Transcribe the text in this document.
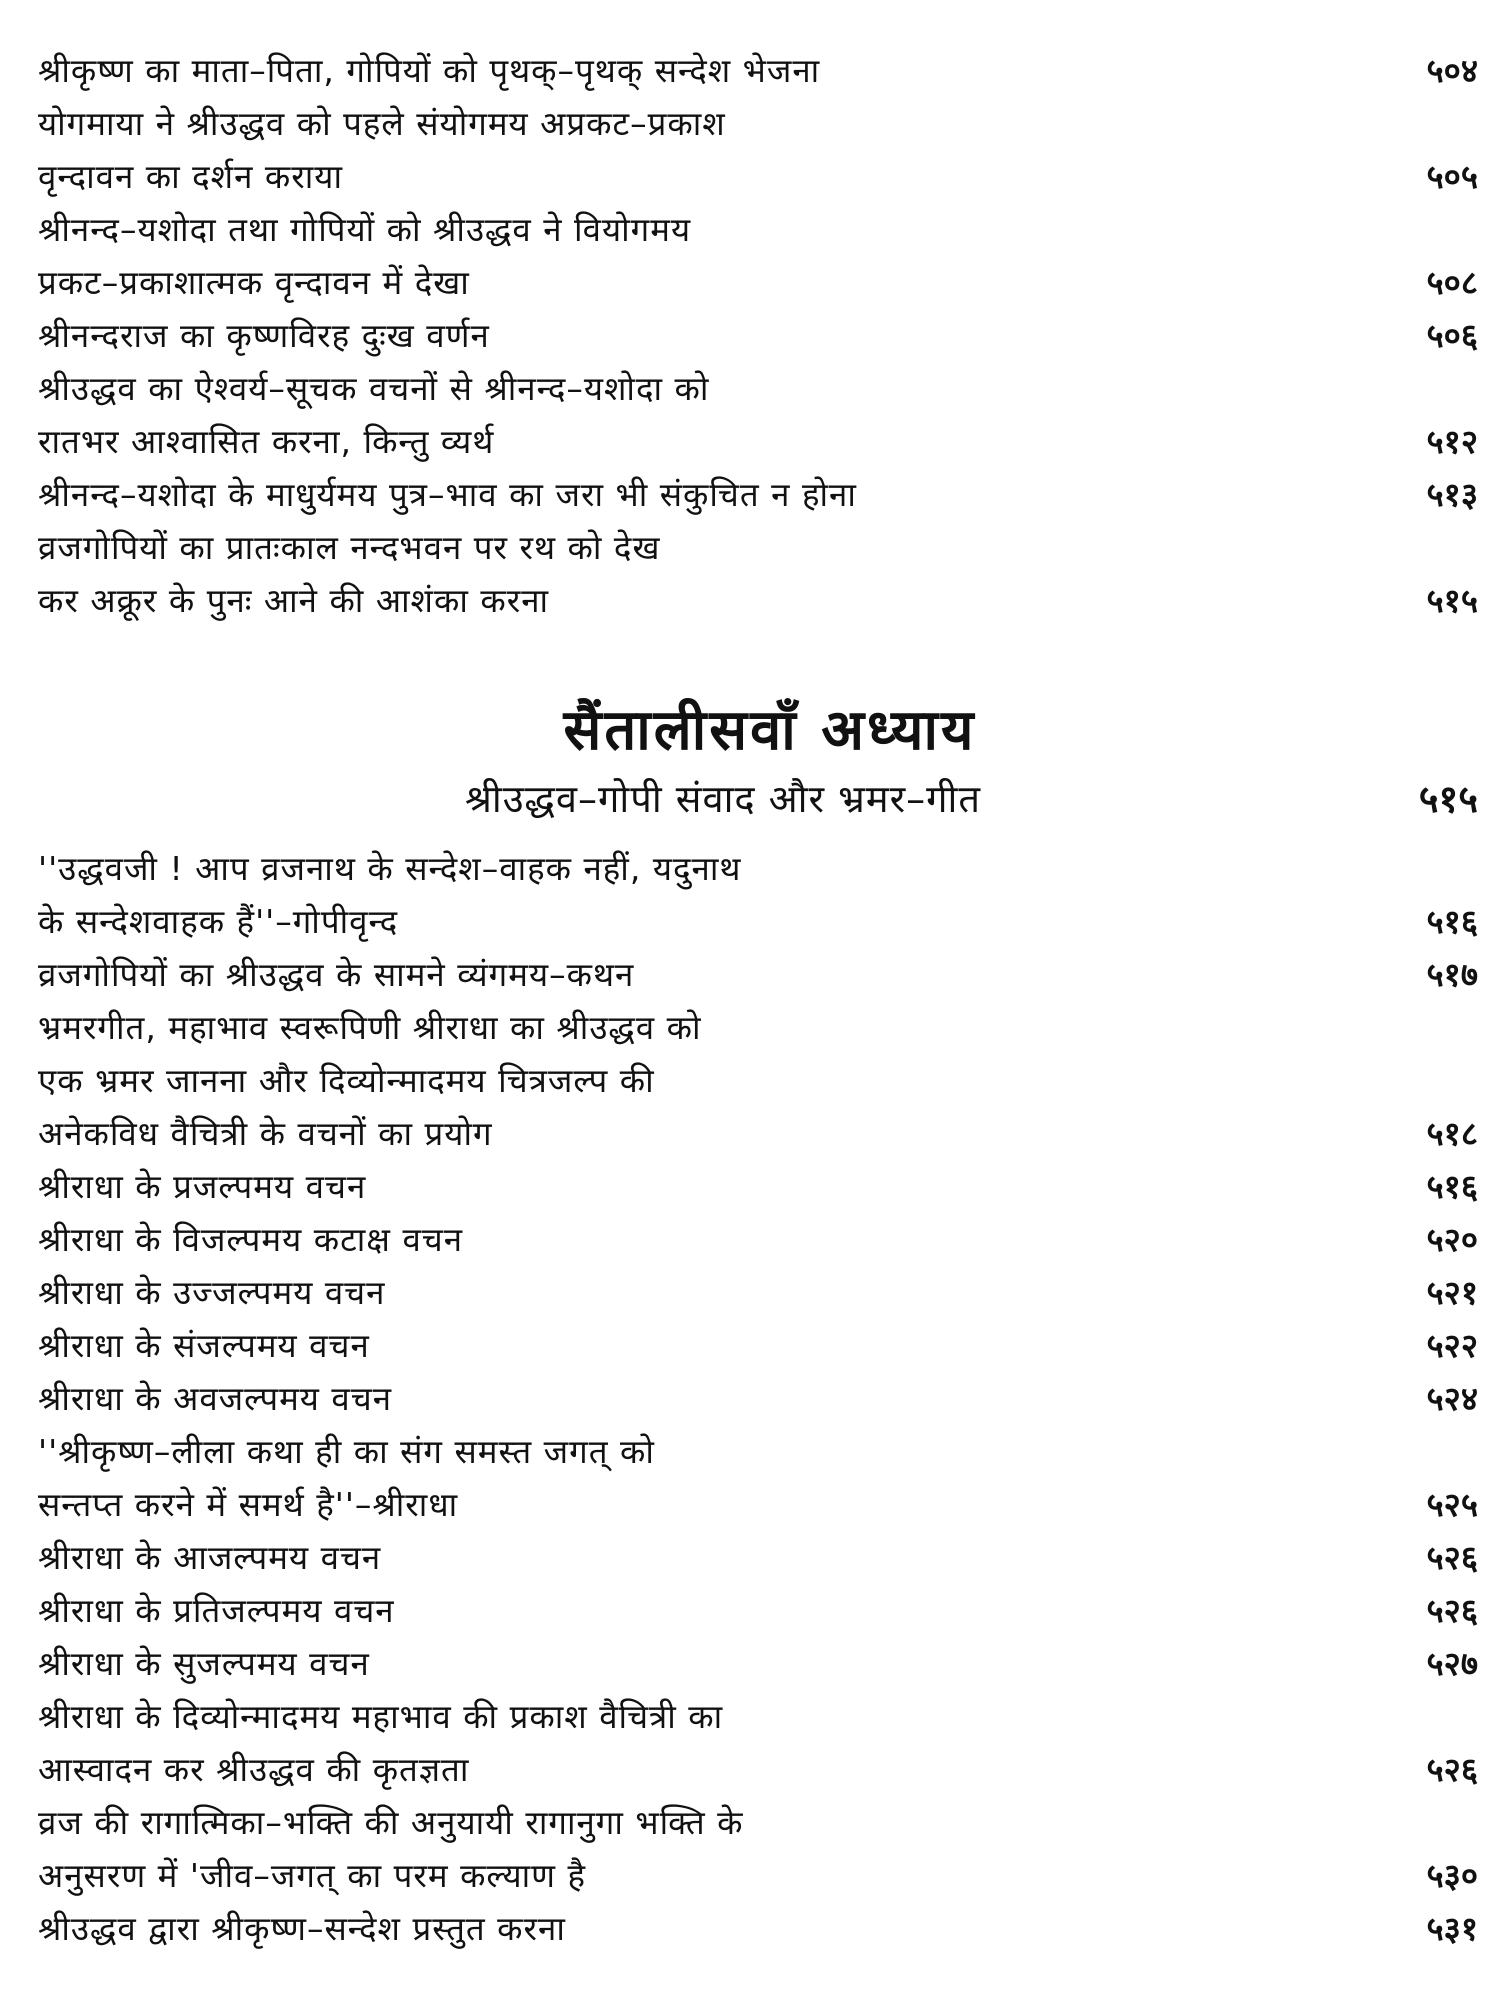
श्रीकृष्ण का माता–पिता, गोपियों को पृथक्–पृथक् सन्देश भेजना	५०४
योगमाया ने श्रीउद्धव को पहले संयोगमय अप्रकट–प्रकाश
वृन्दावन का दर्शन कराया	५०५
श्रीनन्द–यशोदा तथा गोपियों को श्रीउद्धव ने वियोगमय
प्रकट–प्रकाशात्मक वृन्दावन में देखा	५०८
श्रीनन्दराज का कृष्णविरह दुःख वर्णन	५०६
श्रीउद्धव का ऐश्वर्य–सूचक वचनों से श्रीनन्द–यशोदा को
रातभर आश्वासित करना, किन्तु व्यर्थ	५१२
श्रीनन्द–यशोदा के माधुर्यमय पुत्र–भाव का जरा भी संकुचित न होना	५१३
व्रजगोपियों का प्रातःकाल नन्दभवन पर रथ को देख
कर अक्रूर के पुनः आने की आशंका करना	५१५
सैंतालीसवाँ अध्याय
श्रीउद्धव–गोपी संवाद और भ्रमर–गीत	५१५
''उद्धवजी ! आप व्रजनाथ के सन्देश–वाहक नहीं, यदुनाथ
के सन्देशवाहक हैं''–गोपीवृन्द	५१६
व्रजगोपियों का श्रीउद्धव के सामने व्यंगमय–कथन	५१७
भ्रमरगीत, महाभाव स्वरूपिणी श्रीराधा का श्रीउद्धव को
एक भ्रमर जानना और दिव्योन्मादमय चित्रजल्प की
अनेकविध वैचित्री के वचनों का प्रयोग	५१८
श्रीराधा के प्रजल्पमय वचन	५१६
श्रीराधा के विजल्पमय कटाक्ष वचन	५२०
श्रीराधा के उज्जल्पमय वचन	५२१
श्रीराधा के संजल्पमय वचन	५२२
श्रीराधा के अवजल्पमय वचन	५२४
''श्रीकृष्ण–लीला कथा ही का संग समस्त जगत् को
सन्तप्त करने में समर्थ है''–श्रीराधा	५२५
श्रीराधा के आजल्पमय वचन	५२६
श्रीराधा के प्रतिजल्पमय वचन	५२६
श्रीराधा के सुजल्पमय वचन	५२७
श्रीराधा के दिव्योन्मादमय महाभाव की प्रकाश वैचित्री का
आस्वादन कर श्रीउद्धव की कृतज्ञता	५२६
व्रज की रागात्मिका–भक्ति की अनुयायी रागानुगा भक्ति के
अनुसरण में 'जीव–जगत् का परम कल्याण है	५३०
श्रीउद्धव द्वारा श्रीकृष्ण–सन्देश प्रस्तुत करना	५३१
